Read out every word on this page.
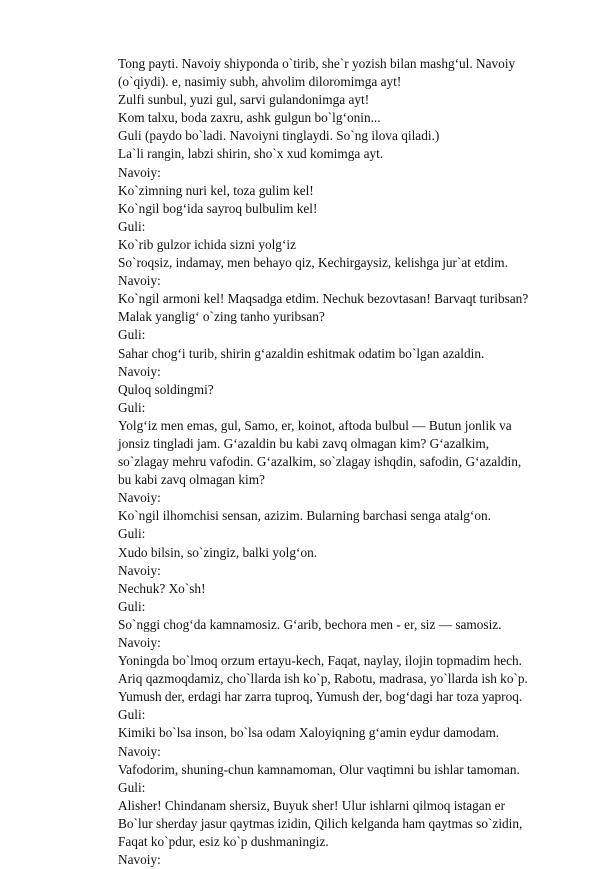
Tong payti. Navoiy shiyponda o`tirib, she`r yozish bilan mashg‘ul. Navoiy
(o`qiydi). e, nasimiy subh, ahvolim diloromimga ayt!
Zulfi sunbul, yuzi gul, sarvi gulandonimga ayt!
Kom talxu, boda zaxru, ashk gulgun bo`lg‘onin...
Guli (paydo bo`ladi. Navoiyni tinglaydi. So`ng ilova qiladi.)
La`li rangin, labzi shirin, sho`x xud komimga ayt.
Navoiy:
Ko`zimning nuri kel, toza gulim kel!
Ko`ngil bog‘ida sayroq bulbulim kel!
Guli:
Ko`rib gulzor ichida sizni yolg‘iz
So`roqsiz, indamay, men behayo qiz, Kechirgaysiz, kelishga jur`at etdim.
Navoiy:
Ko`ngil armoni kel! Maqsadga etdim. Nechuk bezovtasan! Barvaqt turibsan?
Malak yanglig‘ o`zing tanho yuribsan?
Guli:
Sahar chog‘i turib, shirin g‘azaldin eshitmak odatim bo`lgan azaldin.
Navoiy:
Quloq soldingmi?
Guli:
Yolg‘iz men emas, gul, Samo, er, koinot, aftoda bulbul — Butun jonlik va
jonsiz tingladi jam. G‘azaldin bu kabi zavq olmagan kim? G‘azalkim,
so`zlagay mehru vafodin. G‘azalkim, so`zlagay ishqdin, safodin, G‘azaldin,
bu kabi zavq olmagan kim?
Navoiy:
Ko`ngil ilhomchisi sensan, azizim. Bularning barchasi senga atalg‘on.
Guli:
Xudo bilsin, so`zingiz, balki yolg‘on.
Navoiy:
Nechuk? Xo`sh!
Guli:
So`nggi chog‘da kamnamosiz. G‘arib, bechora men - er, siz — samosiz.
Navoiy:
Yoningda bo`lmoq orzum ertayu-kech, Faqat, naylay, ilojin topmadim hech.
Ariq qazmoqdamiz, cho`llarda ish ko`p, Rabotu, madrasa, yo`llarda ish ko`p.
Yumush der, erdagi har zarra tuproq, Yumush der, bog‘dagi har toza yaproq.
Guli:
Kimiki bo`lsa inson, bo`lsa odam Xaloyiqning g‘amin eydur damodam.
Navoiy:
Vafodorim, shuning-chun kamnamoman, Olur vaqtimni bu ishlar tamoman.
Guli:
Alisher! Chindanam shersiz, Buyuk sher! Ulur ishlarni qilmoq istagan er
Bo`lur sherday jasur qaytmas izidin, Qilich kelganda ham qaytmas so`zidin,
Faqat ko`pdur, esiz ko`p dushmaningiz.
Navoiy:
